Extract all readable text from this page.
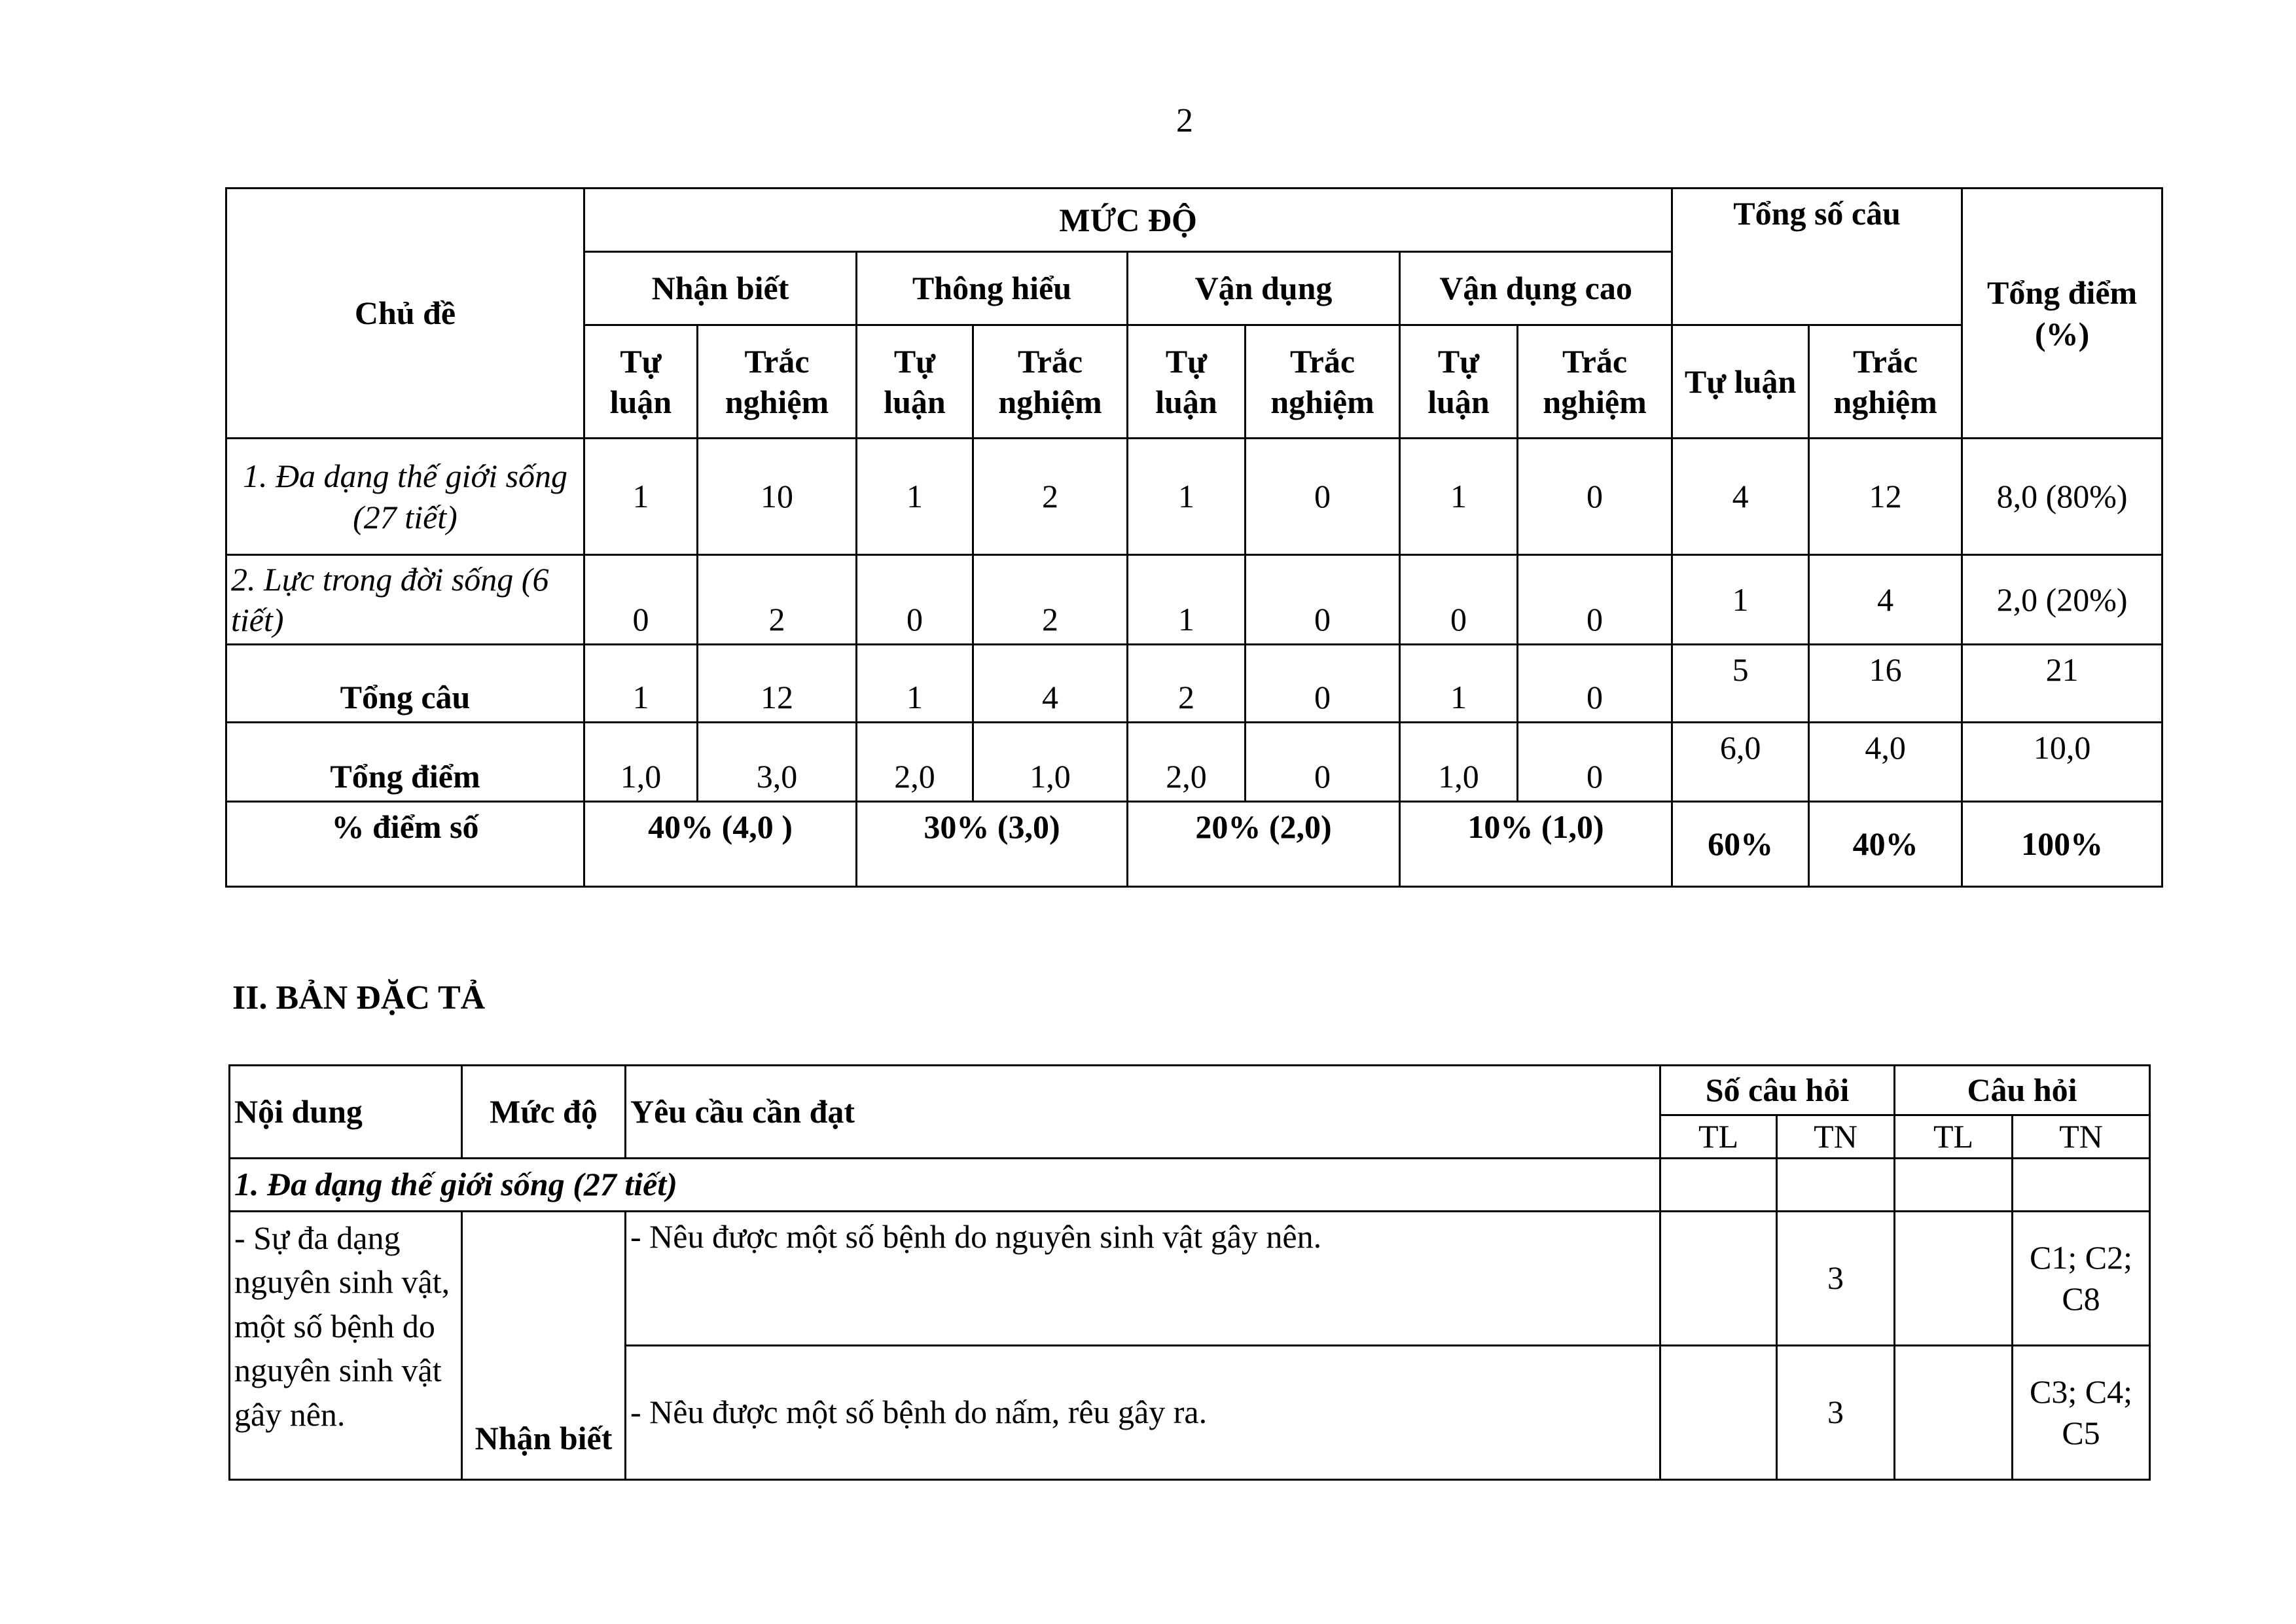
2
Chủ đề	MỨC ĐỘ								Tổng số câu		Tổng điểm (%)
	Nhận biết		Thông hiểu		Vận dụng		Vận dụng cao				
	Tự luận	Trắc nghiệm	Tự luận	Trắc nghiệm	Tự luận	Trắc nghiệm	Tự luận	Trắc nghiệm	Tự luận	Trắc nghiệm	
1. Đa dạng thế giới sống (27 tiết)	1	10	1	2	1	0	1	0	4	12	8,0 (80%)
2. Lực trong đời sống (6 tiết)	0	2	0	2	1	0	0	0	1	4	2,0 (20%)
Tổng câu	1	12	1	4	2	0	1	0	5	16	21
Tổng điểm	1,0	3,0	2,0	1,0	2,0	0	1,0	0	6,0	4,0	10,0
% điểm số	40% (4,0 )		30% (3,0)		20% (2,0)		10% (1,0)		60%	40%	100%
II. BẢN ĐẶC TẢ
Nội dung	Mức độ	Yêu cầu cần đạt	Số câu hỏi		Câu hỏi	
			TL	TN	TL	TN
1. Đa dạng thế giới sống (27 tiết)						
- Sự đa dạng nguyên sinh vật, một số bệnh do nguyên sinh vật gây nên.	Nhận biết	- Nêu được một số bệnh do nguyên sinh vật gây nên.		3		C1; C2; C8
		- Nêu được một số bệnh do nấm, rêu gây ra.		3		C3; C4; C5
